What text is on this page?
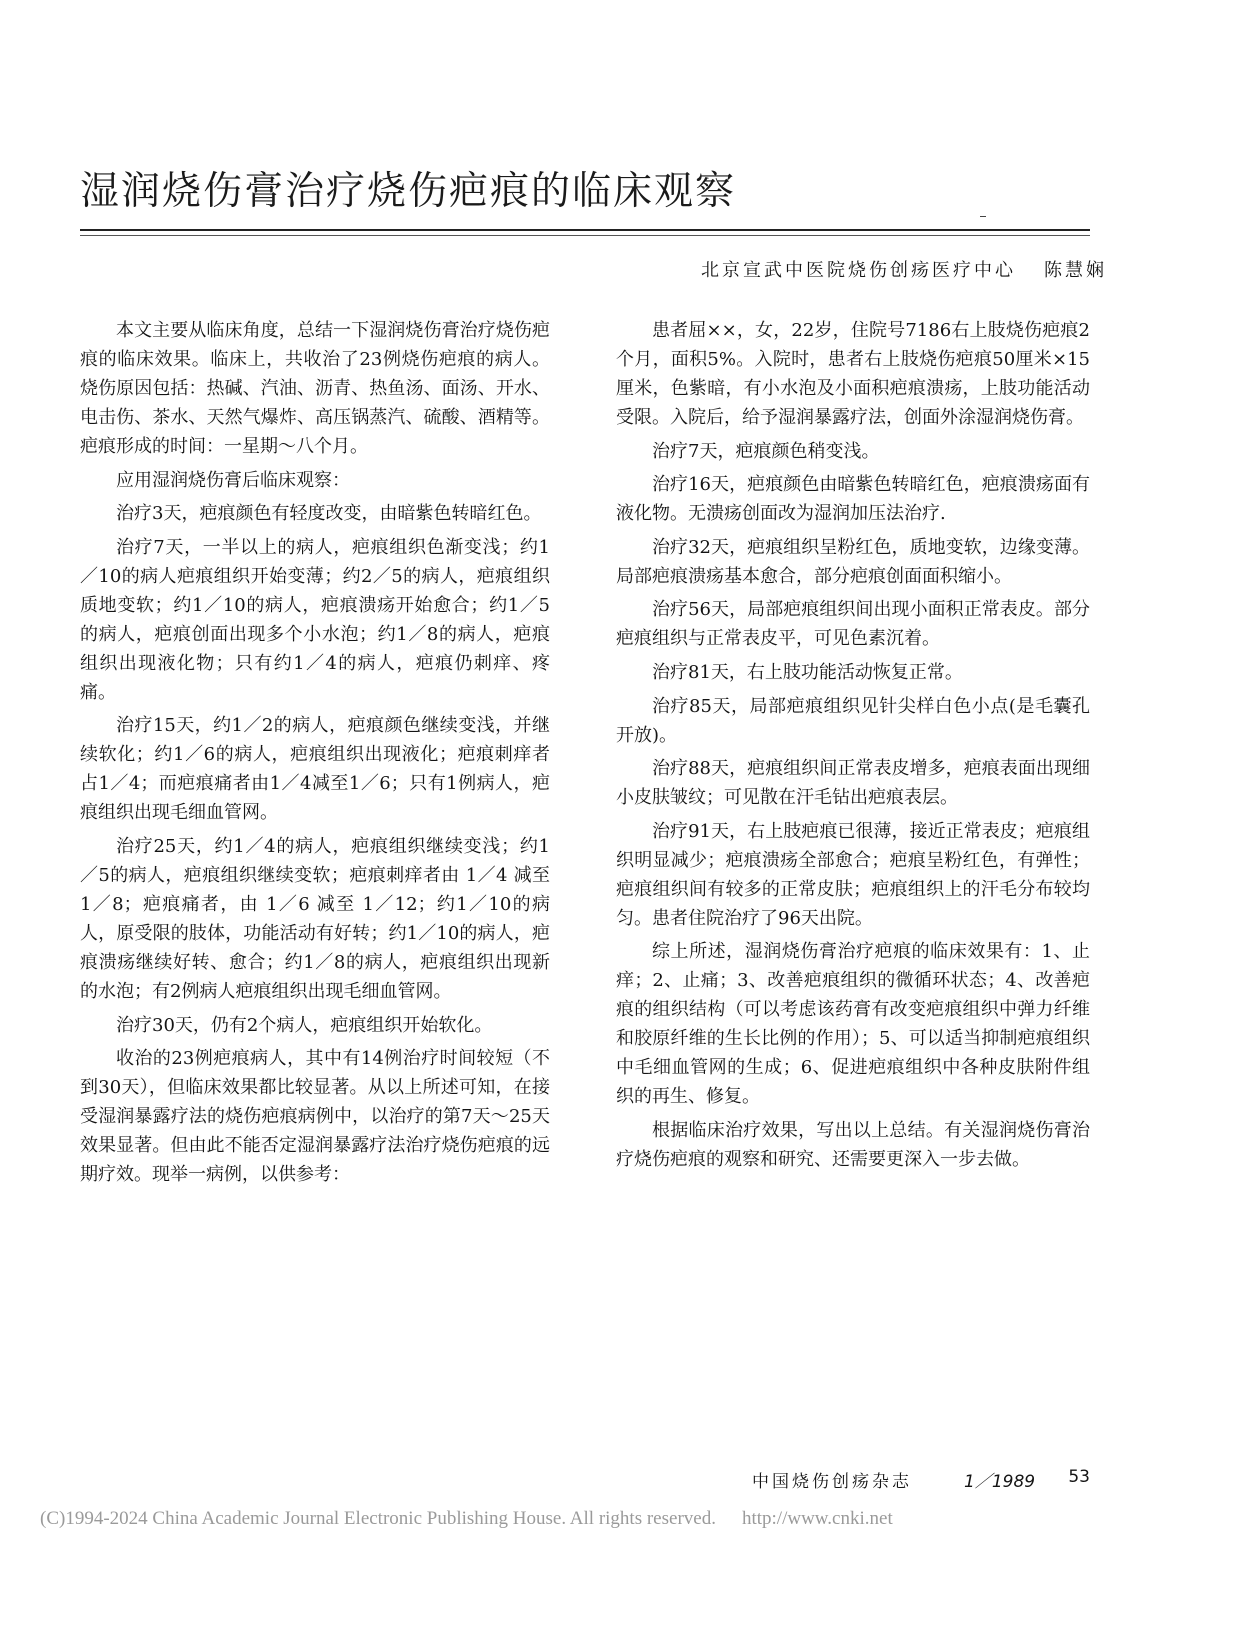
湿润烧伤膏治疗烧伤疤痕的临床观察
北京宣武中医院烧伤创疡医疗中心 陈慧娴

本文主要从临床角度，总结一下湿润烧伤膏治疗烧伤疤痕的临床效果。临床上，共收治了23例烧伤疤痕的病人。烧伤原因包括：热碱、汽油、沥青、热鱼汤、面汤、开水、电击伤、茶水、天然气爆炸、高压锅蒸汽、硫酸、酒精等。疤痕形成的时间：一星期～八个月。

应用湿润烧伤膏后临床观察：

治疗3天，疤痕颜色有轻度改变，由暗紫色转暗红色。

治疗7天，一半以上的病人，疤痕组织色渐变浅；约1／10的病人疤痕组织开始变薄；约2／5的病人，疤痕组织质地变软；约1／10的病人，疤痕溃疡开始愈合；约1／5的病人，疤痕创面出现多个小水泡；约1／8的病人，疤痕组织出现液化物；只有约1／4的病人，疤痕仍刺痒、疼痛。

治疗15天，约1／2的病人，疤痕颜色继续变浅，并继续软化；约1／6的病人，疤痕组织出现液化；疤痕刺痒者占1／4；而疤痕痛者由1／4减至1／6；只有1例病人，疤痕组织出现毛细血管网。

治疗25天，约1／4的病人，疤痕组织继续变浅；约1／5的病人，疤痕组织继续变软；疤痕刺痒者由 1／4 减至 1／8；疤痕痛者，由 1／6 减至 1／12；约1／10的病人，原受限的肢体，功能活动有好转；约1／10的病人，疤痕溃疡继续好转、愈合；约1／8的病人，疤痕组织出现新的水泡；有2例病人疤痕组织出现毛细血管网。

治疗30天，仍有2个病人，疤痕组织开始软化。

收治的23例疤痕病人，其中有14例治疗时间较短（不到30天），但临床效果都比较显著。从以上所述可知，在接受湿润暴露疗法的烧伤疤痕病例中，以治疗的第7天～25天效果显著。但由此不能否定湿润暴露疗法治疗烧伤疤痕的远期疗效。现举一病例，以供参考：

患者屈××，女，22岁，住院号7186右上肢烧伤疤痕2个月，面积5%。入院时，患者右上肢烧伤疤痕50厘米×15厘米，色紫暗，有小水泡及小面积疤痕溃疡，上肢功能活动受限。入院后，给予湿润暴露疗法，创面外涂湿润烧伤膏。

治疗7天，疤痕颜色稍变浅。

治疗16天，疤痕颜色由暗紫色转暗红色，疤痕溃疡面有液化物。无溃疡创面改为湿润加压法治疗.

治疗32天，疤痕组织呈粉红色，质地变软，边缘变薄。局部疤痕溃疡基本愈合，部分疤痕创面面积缩小。

治疗56天，局部疤痕组织间出现小面积正常表皮。部分疤痕组织与正常表皮平，可见色素沉着。

治疗81天，右上肢功能活动恢复正常。

治疗85天，局部疤痕组织见针尖样白色小点(是毛囊孔开放)。

治疗88天，疤痕组织间正常表皮增多，疤痕表面出现细小皮肤皱纹；可见散在汗毛钻出疤痕表层。

治疗91天，右上肢疤痕已很薄，接近正常表皮；疤痕组织明显减少；疤痕溃疡全部愈合；疤痕呈粉红色，有弹性；疤痕组织间有较多的正常皮肤；疤痕组织上的汗毛分布较均匀。患者住院治疗了96天出院。

综上所述，湿润烧伤膏治疗疤痕的临床效果有：1、止痒；2、止痛；3、改善疤痕组织的微循环状态；4、改善疤痕的组织结构（可以考虑该药膏有改变疤痕组织中弹力纤维和胶原纤维的生长比例的作用）；5、可以适当抑制疤痕组织中毛细血管网的生成；6、促进疤痕组织中各种皮肤附件组织的再生、修复。

根据临床治疗效果，写出以上总结。有关湿润烧伤膏治疗烧伤疤痕的观察和研究、还需要更深入一步去做。

中国烧伤创疡杂志	1／1989 53
(C)1994-2024 China Academic Journal Electronic Publishing House. All rights reserved. http://www.cnki.net
